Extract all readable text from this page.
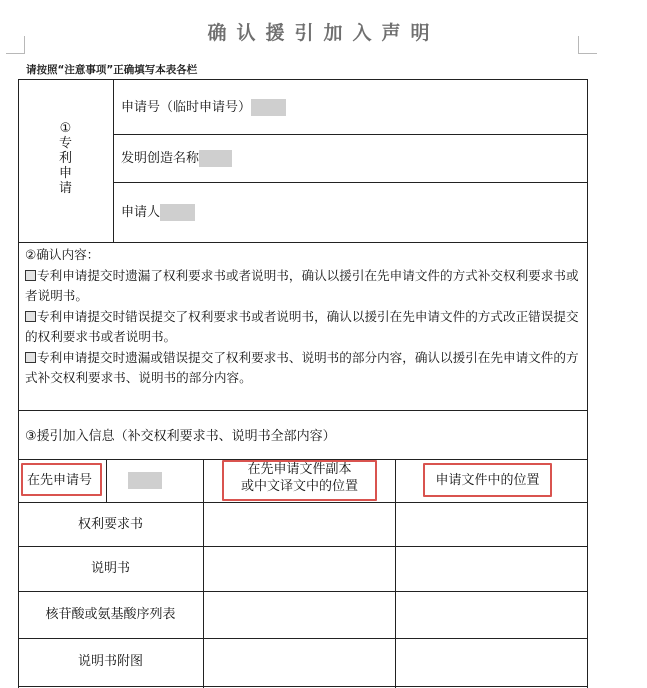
确认援引加入声明
请按照“注意事项”正确填写本表各栏
①
专
利
申
请
申请号（临时申请号）
发明创造名称
申请人

②确认内容：

专利申请提交时遗漏了权利要求书或者说明书，确认以援引在先申请文件的方式补交权利要求书或者说明书。

专利申请提交时错误提交了权利要求书或者说明书，确认以援引在先申请文件的方式改正错误提交的权利要求书或者说明书。

专利申请提交时遗漏或错误提交了权利要求书、说明书的部分内容，确认以援引在先申请文件的方式补交权利要求书、说明书的部分内容。

③援引加入信息（补交权利要求书、说明书全部内容）
在先申请号
在先申请文件副本
或中文译文中的位置	申请文件中的位置
权利要求书
说明书
核苷酸或氨基酸序列表
说明书附图
